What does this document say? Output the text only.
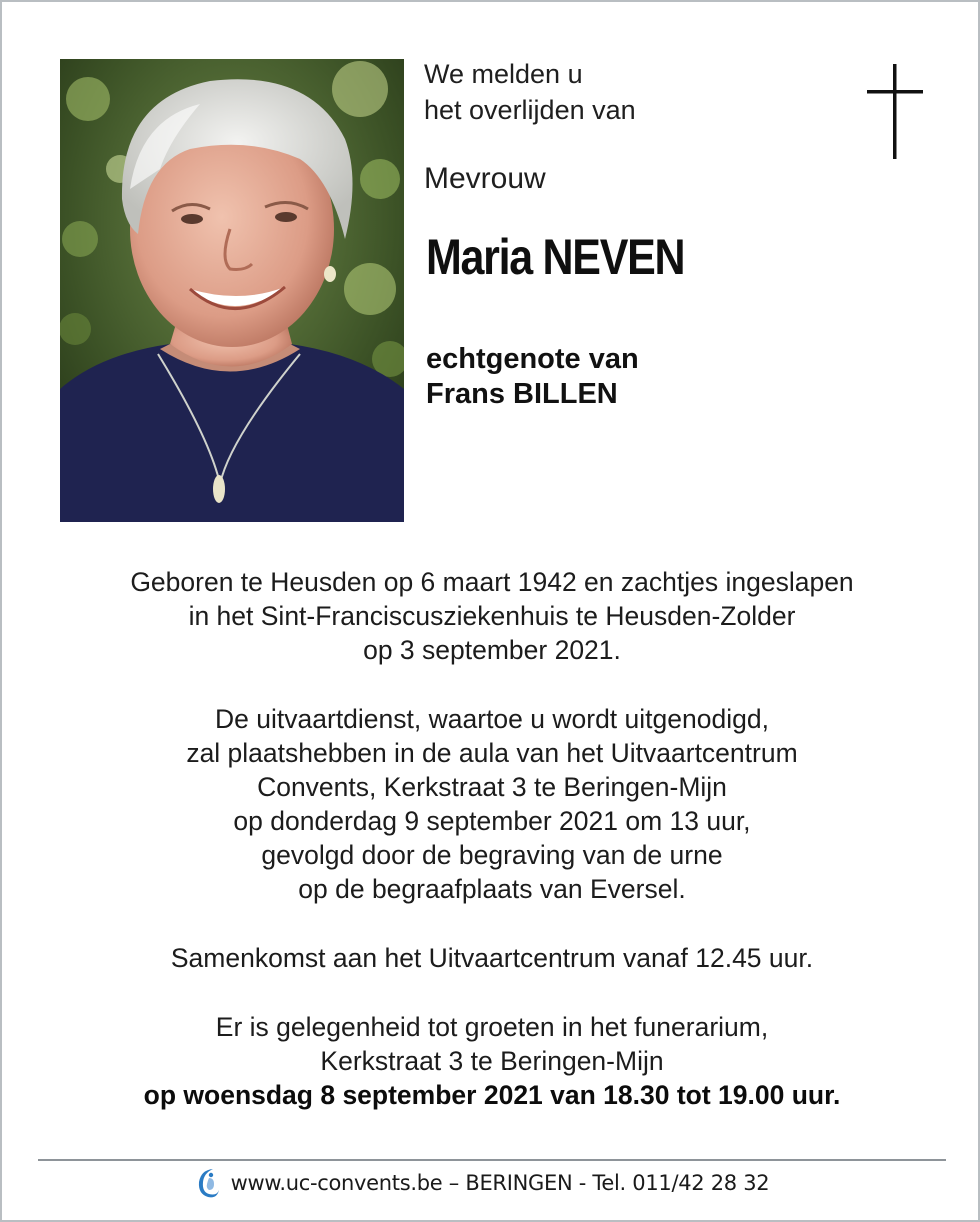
We melden u
het overlijden van
Mevrouw
Maria NEVEN
echtgenote van
Frans BILLEN
Geboren te Heusden op 6 maart 1942 en zachtjes ingeslapen
in het Sint-Franciscusziekenhuis te Heusden-Zolder
op 3 september 2021.
De uitvaartdienst, waartoe u wordt uitgenodigd,
zal plaatshebben in de aula van het Uitvaartcentrum
Convents, Kerkstraat 3 te Beringen-Mijn
op donderdag 9 september 2021 om 13 uur,
gevolgd door de begraving van de urne
op de begraafplaats van Eversel.
Samenkomst aan het Uitvaartcentrum vanaf 12.45 uur.
Er is gelegenheid tot groeten in het funerarium,
Kerkstraat 3 te Beringen-Mijn
op woensdag 8 september 2021 van 18.30 tot 19.00 uur.
www.uc-convents.be – BERINGEN - Tel. 011/42 28 32
